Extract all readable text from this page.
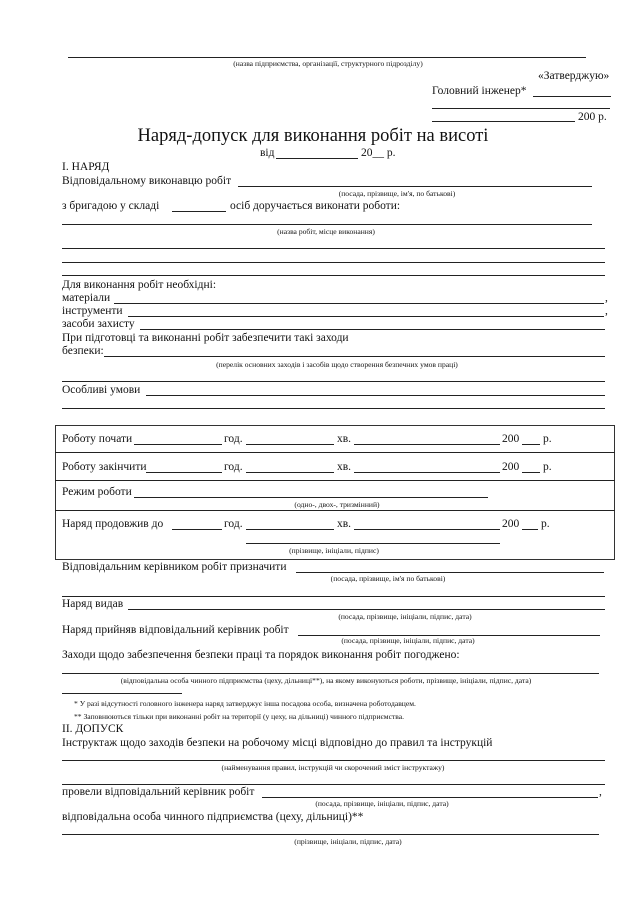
(назва підприємства, організації, структурного підрозділу)
«Затверджую»
Головний інженер*
200 р.
Наряд-допуск для виконання робіт на висоті
від	20__ р.
І. НАРЯД
Відповідальному виконавцю робіт
(посада, прізвище, ім'я, по батькові)
з бригадою у складі	осіб доручається виконати роботи:
(назва робіт, місце виконання)
Для виконання робіт необхідні:
матеріали	,
інструменти	,
засоби захисту
При підготовці та виконанні робіт забезпечити такі заходи
безпеки:
(перелік основних заходів і засобів щодо створення безпечних умов праці)
Особливі умови
Роботу почати	год.	хв.	200 р.
Роботу закінчити	год.	хв.	200 р.
Режим роботи
(одно-, двох-, тризмінний)
Наряд продовжив до	год.	хв.	200 р.
(прізвище, ініціали, підпис)
Відповідальним керівником робіт призначити
(посада, прізвище, ім'я по батькові)
Наряд видав
(посада, прізвище, ініціали, підпис, дата)
Наряд прийняв відповідальний керівник робіт
(посада, прізвище, ініціали, підпис, дата)
Заходи щодо забезпечення безпеки праці та порядок виконання робіт погоджено:
(відповідальна особа чинного підприємства (цеху, дільниці**), на якому виконуються роботи, прізвище, ініціали, підпис, дата)
* У разі відсутності головного інженера наряд затверджує інша посадова особа, визначена роботодавцем.
** Заповнюються тільки при виконанні робіт на території (у цеху, на дільниці) чинного підприємства.
ІІ. ДОПУСК
Інструктаж щодо заходів безпеки на робочому місці відповідно до правил та інструкцій
(найменування правил, інструкцій чи скорочений зміст інструктажу)
провели відповідальний керівник робіт	,
(посада, прізвище, ініціали, підпис, дата)
відповідальна особа чинного підприємства (цеху, дільниці)**
(прізвище, ініціали, підпис, дата)
